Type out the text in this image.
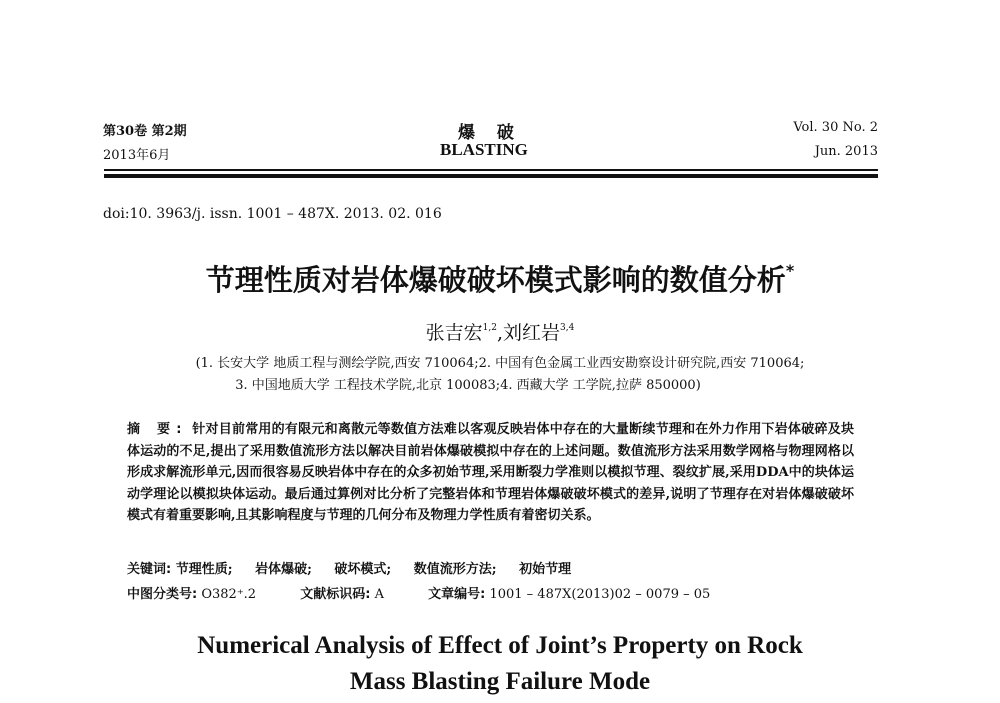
第30卷 第2期
2013年6月
爆 破
BLASTING
Vol. 30 No. 2
Jun. 2013
doi:10. 3963/j. issn. 1001 – 487X. 2013. 02. 016
节理性质对岩体爆破破坏模式影响的数值分析*
张吉宏$^{1,2}$,刘红岩$^{3,4}$
(1. 长安大学 地质工程与测绘学院,西安 710064;2. 中国有色金属工业西安勘察设计研究院,西安 710064;
3. 中国地质大学 工程技术学院,北京 100083;4. 西藏大学 工学院,拉萨 850000)
摘 要: 针对目前常用的有限元和离散元等数值方法难以客观反映岩体中存在的大量断续节理和在外力作用下岩体破碎及块体运动的不足,提出了采用数值流形方法以解决目前岩体爆破模拟中存在的上述问题。数值流形方法采用数学网格与物理网格以形成求解流形单元,因而很容易反映岩体中存在的众多初始节理,采用断裂力学准则以模拟节理、裂纹扩展,采用DDA中的块体运动学理论以模拟块体运动。最后通过算例对比分析了完整岩体和节理岩体爆破破坏模式的差异,说明了节理存在对岩体爆破破坏模式有着重要影响,且其影响程度与节理的几何分布及物理力学性质有着密切关系。
关键词: 节理性质; 岩体爆破; 破坏模式; 数值流形方法; 初始节理
中图分类号: O382⁺.2	文献标识码: A	文章编号: 1001 – 487X(2013)02 – 0079 – 05
Numerical Analysis of Effect of Joint’s Property on Rock
Mass Blasting Failure Mode
